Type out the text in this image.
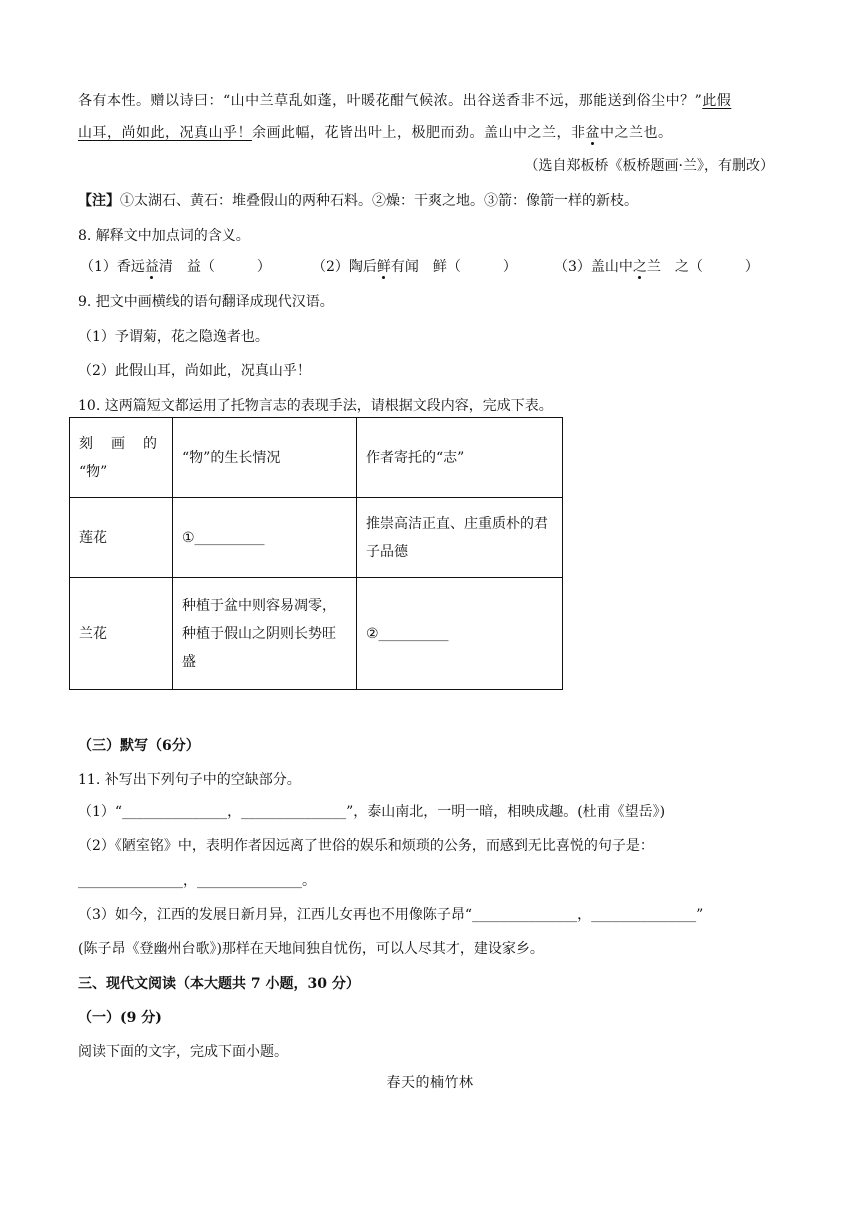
各有本性。赠以诗曰：“山中兰草乱如蓬，叶暖花酣气候浓。出谷送香非不远，那能送到俗尘中？”此假
山耳，尚如此，况真山乎！余画此幅，花皆出叶上，极肥而劲。盖山中之兰，非盆中之兰也。
（选自郑板桥《板桥题画·兰》，有删改）
【注】①太湖石、黄石：堆叠假山的两种石料。②燥：干爽之地。③箭：像箭一样的新枝。
8. 解释文中加点词的含义。
（1）香远益清　益（　　　）	（2）陶后鲜有闻　鲜（　　　）	（3）盖山中之兰　之（　　　）
9. 把文中画横线的语句翻译成现代汉语。
（1）予谓菊，花之隐逸者也。
（2）此假山耳，尚如此，况真山乎！
10. 这两篇短文都运用了托物言志的表现手法，请根据文段内容，完成下表。
刻　画　的
“物”	“物”的生长情况	作者寄托的“志”
莲花	①__________	推崇高洁正直、庄重质朴的君子品德
兰花	种植于盆中则容易凋零，种植于假山之阴则长势旺盛	②__________
（三）默写（6分）
11. 补写出下列句子中的空缺部分。
（1）“_______________，_______________”，泰山南北，一明一暗，相映成趣。(杜甫《望岳》)
（2）《陋室铭》中，表明作者因远离了世俗的娱乐和烦琐的公务，而感到无比喜悦的句子是：
_______________，_______________。
（3）如今，江西的发展日新月异，江西儿女再也不用像陈子昂“_______________，_______________”
(陈子昂《登幽州台歌》)那样在天地间独自忧伤，可以人尽其才，建设家乡。
三、现代文阅读（本大题共 7 小题，30 分）
（一）(9 分)
阅读下面的文字，完成下面小题。
春天的楠竹林
